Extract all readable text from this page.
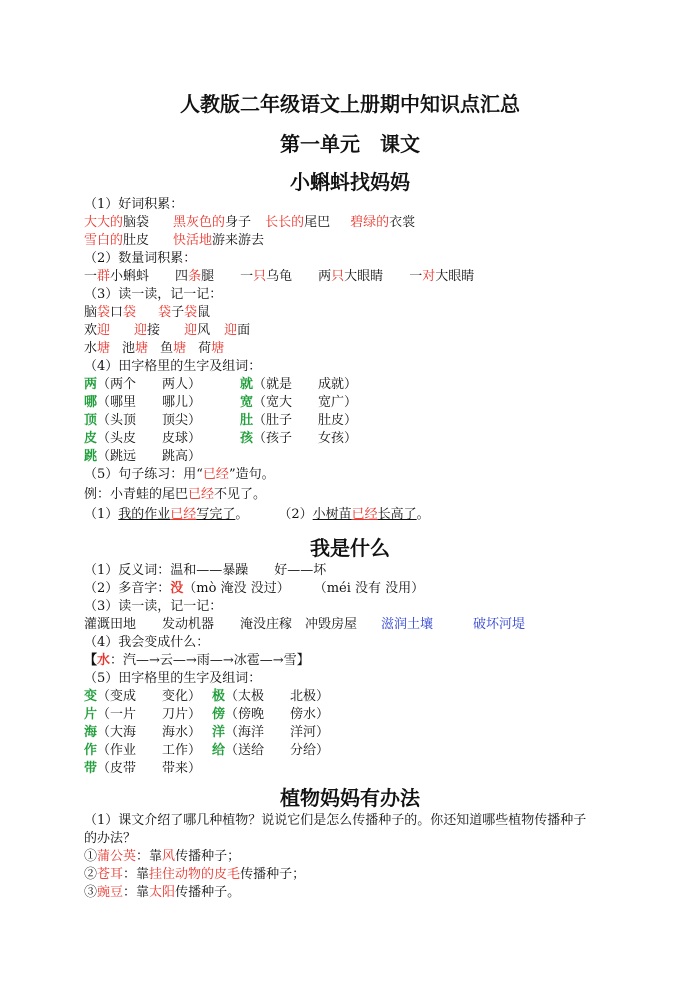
人教版二年级语文上册期中知识点汇总
第一单元　课文
小蝌蚪找妈妈
（1）好词积累：
大大的脑袋 黑灰色的身子 长长的尾巴 碧绿的衣裳
雪白的肚皮 快活地游来游去
（2）数量词积累：
一群小蝌蚪 四条腿 一只乌龟 两只大眼睛 一对大眼睛
（3）读一读，记一记：
脑袋口袋 袋子袋鼠
欢迎 迎接 迎风 迎面
水塘 池塘 鱼塘 荷塘
（4）田字格里的生字及组词：
两（两个　　两人）
哪（哪里　　哪儿）
顶（头顶　　顶尖）
皮（头皮　　皮球）
跳（跳远　　跳高）
就（就是　　成就）
宽（宽大　　宽广）
肚（肚子　　肚皮）
孩（孩子　　女孩）
（5）句子练习：用“已经”造句。
例：小青蛙的尾巴已经不见了。
（1）我的作业已经写完了。 （2）小树苗已经长高了。
我是什么
（1）反义词：温和——暴躁　　好——坏
（2）多音字：没（mò 淹没 没过） （méi 没有 没用）
（3）读一读，记一记：
灌溉田地　　发动机器　　淹没庄稼　冲毁房屋 滋润土壤	破坏河堤
（4）我会变成什么：
【水：汽—→云—→雨—→冰雹—→雪】
（5）田字格里的生字及组词：
变（变成　　变化）
片（一片　　刀片）
海（大海　　海水）
作（作业　　工作）
带（皮带　　带来）
极（太极　　北极）
傍（傍晚　　傍水）
洋（海洋　　洋河）
给（送给　　分给）
植物妈妈有办法
（1）课文介绍了哪几种植物？说说它们是怎么传播种子的。你还知道哪些植物传播种子
的办法？
①蒲公英：靠风传播种子；
②苍耳：靠挂住动物的皮毛传播种子；
③豌豆：靠太阳传播种子。
